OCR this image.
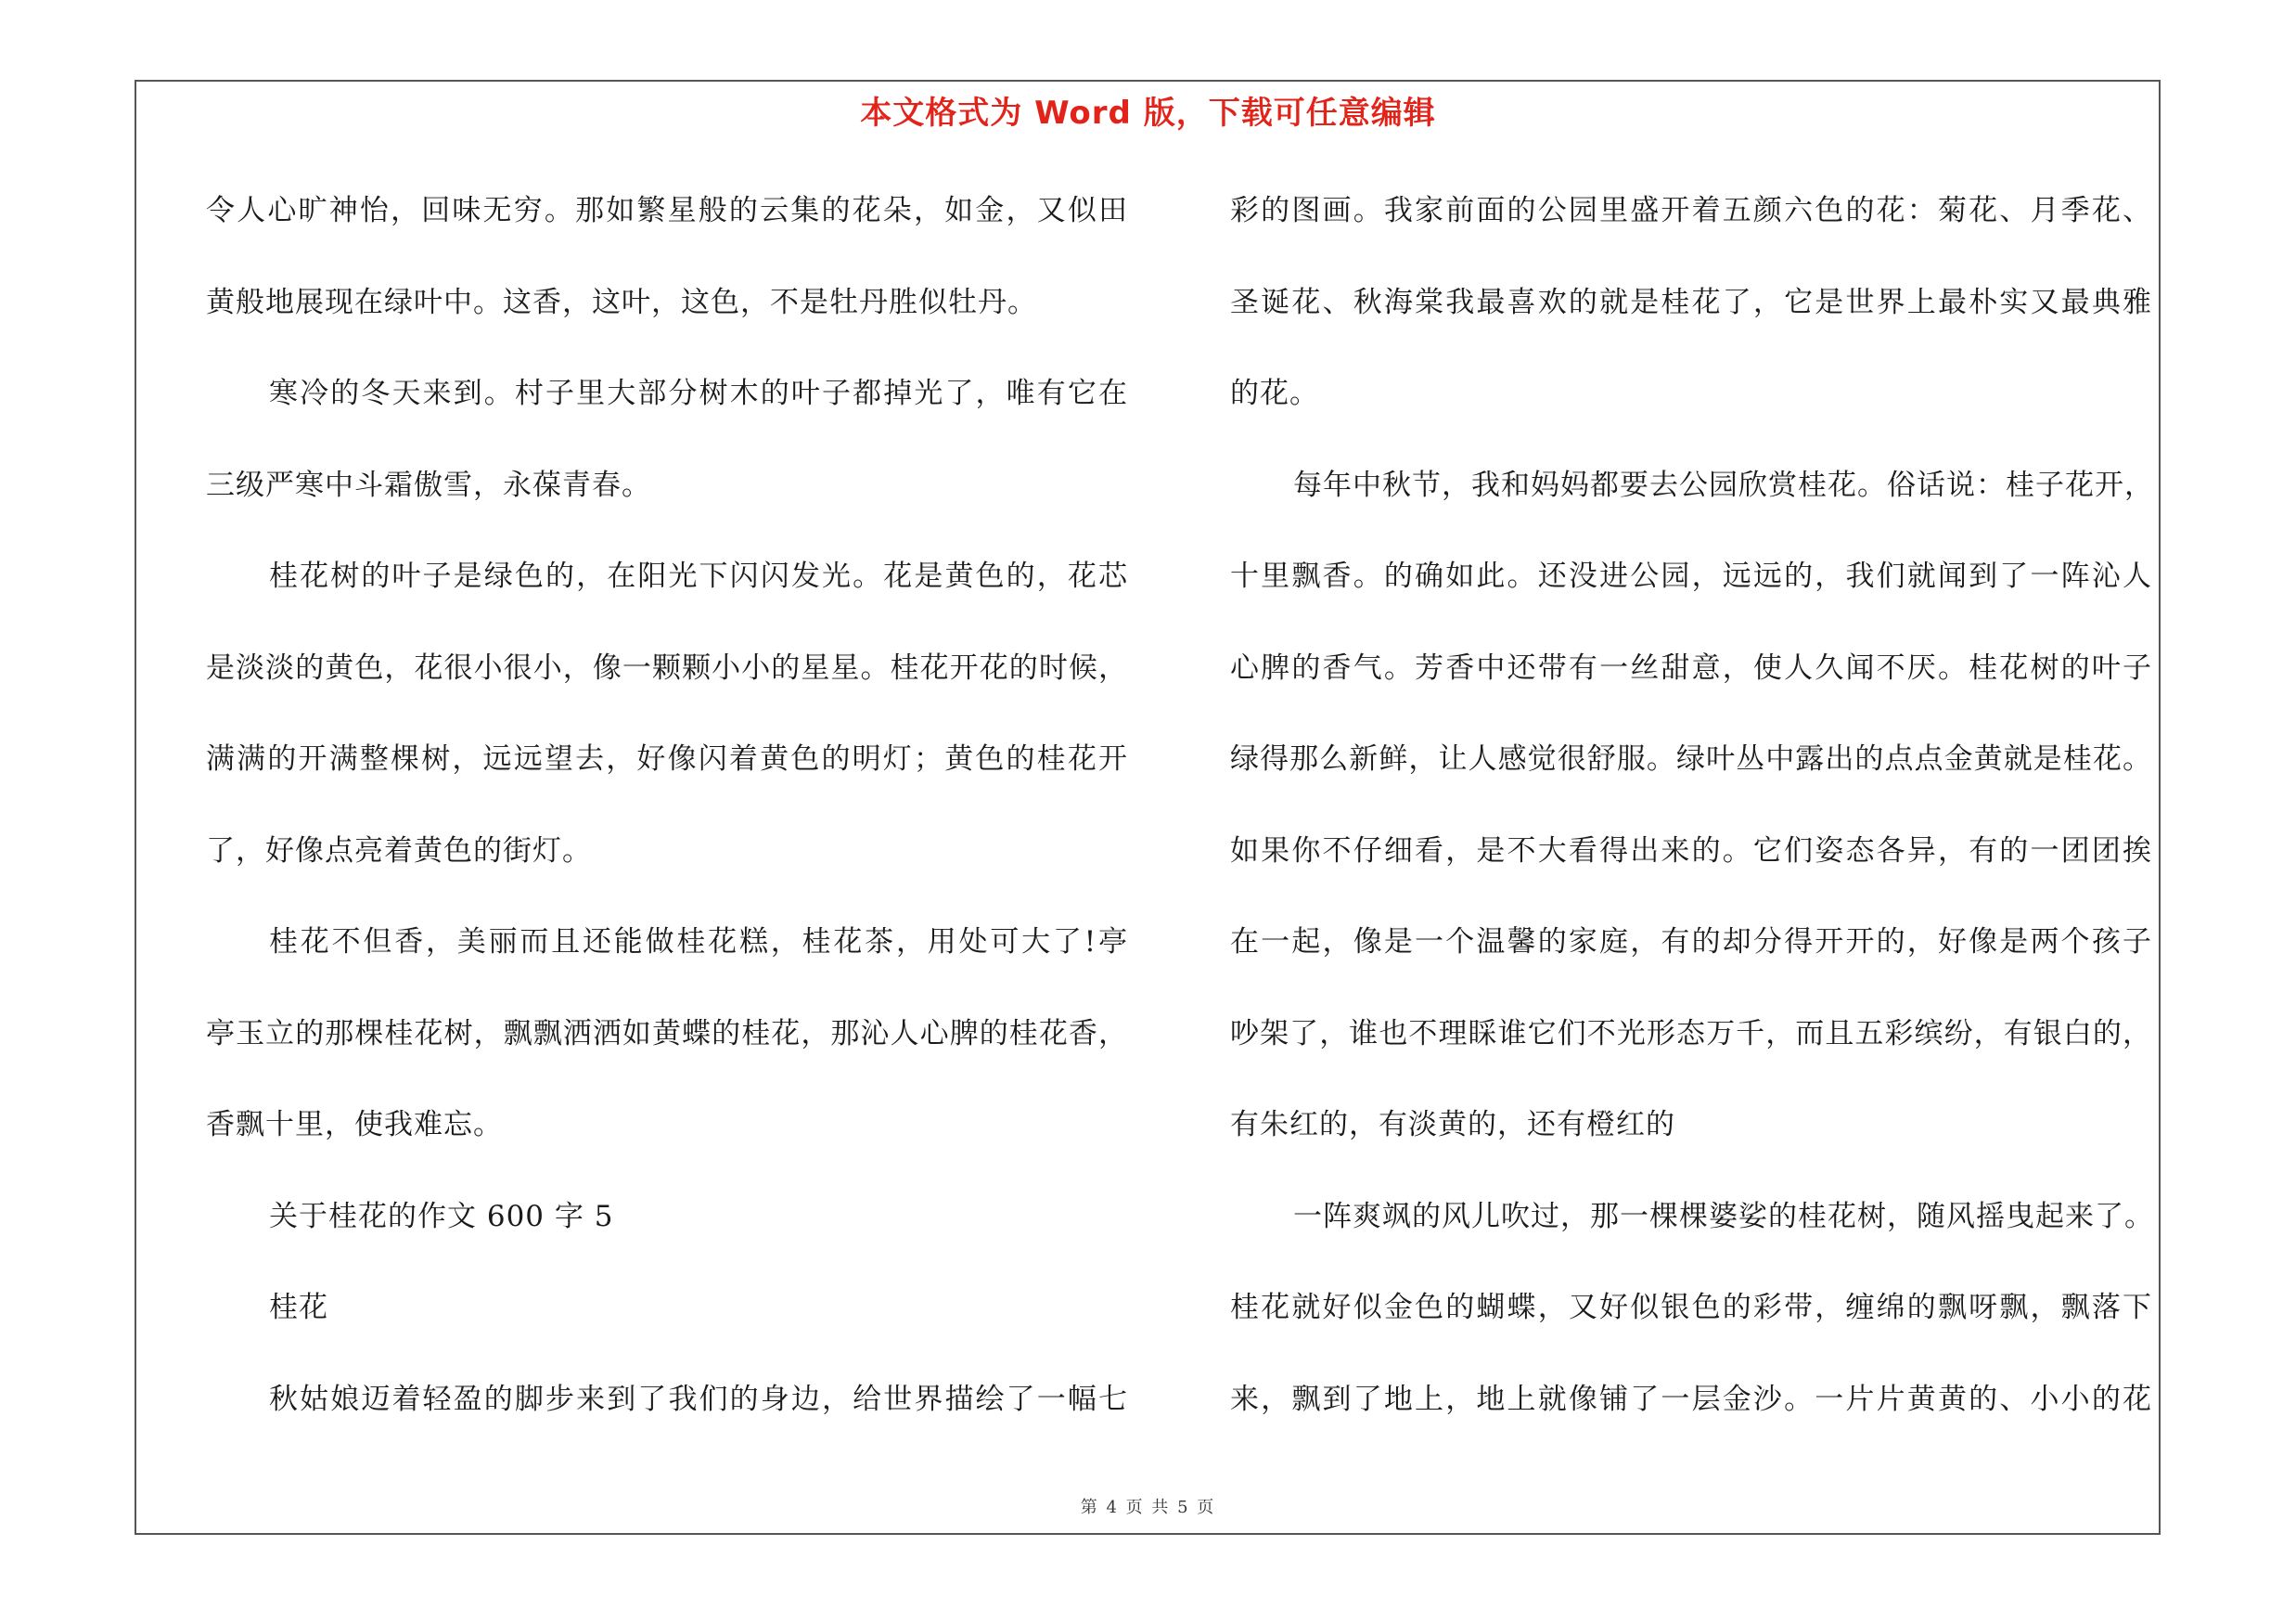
本文格式为 Word 版，下载可任意编辑
令人心旷神怡，回味无穷。那如繁星般的云集的花朵，如金，又似田
黄般地展现在绿叶中。这香，这叶，这色，不是牡丹胜似牡丹。
寒冷的冬天来到。村子里大部分树木的叶子都掉光了，唯有它在
三级严寒中斗霜傲雪，永葆青春。
桂花树的叶子是绿色的，在阳光下闪闪发光。花是黄色的，花芯
是淡淡的黄色，花很小很小，像一颗颗小小的星星。桂花开花的时候，
满满的开满整棵树，远远望去，好像闪着黄色的明灯；黄色的桂花开
了，好像点亮着黄色的街灯。
桂花不但香，美丽而且还能做桂花糕，桂花茶，用处可大了!亭
亭玉立的那棵桂花树，飘飘洒洒如黄蝶的桂花，那沁人心脾的桂花香，
香飘十里，使我难忘。
关于桂花的作文 600 字 5
桂花
秋姑娘迈着轻盈的脚步来到了我们的身边，给世界描绘了一幅七
彩的图画。我家前面的公园里盛开着五颜六色的花：菊花、月季花、
圣诞花、秋海棠我最喜欢的就是桂花了，它是世界上最朴实又最典雅
的花。
每年中秋节，我和妈妈都要去公园欣赏桂花。俗话说：桂子花开，
十里飘香。的确如此。还没进公园，远远的，我们就闻到了一阵沁人
心脾的香气。芳香中还带有一丝甜意，使人久闻不厌。桂花树的叶子
绿得那么新鲜，让人感觉很舒服。绿叶丛中露出的点点金黄就是桂花。
如果你不仔细看，是不大看得出来的。它们姿态各异，有的一团团挨
在一起，像是一个温馨的家庭，有的却分得开开的，好像是两个孩子
吵架了，谁也不理睬谁它们不光形态万千，而且五彩缤纷，有银白的，
有朱红的，有淡黄的，还有橙红的
一阵爽飒的风儿吹过，那一棵棵婆娑的桂花树，随风摇曳起来了。
桂花就好似金色的蝴蝶，又好似银色的彩带，缠绵的飘呀飘，飘落下
来，飘到了地上，地上就像铺了一层金沙。一片片黄黄的、小小的花
第 4 页 共 5 页
